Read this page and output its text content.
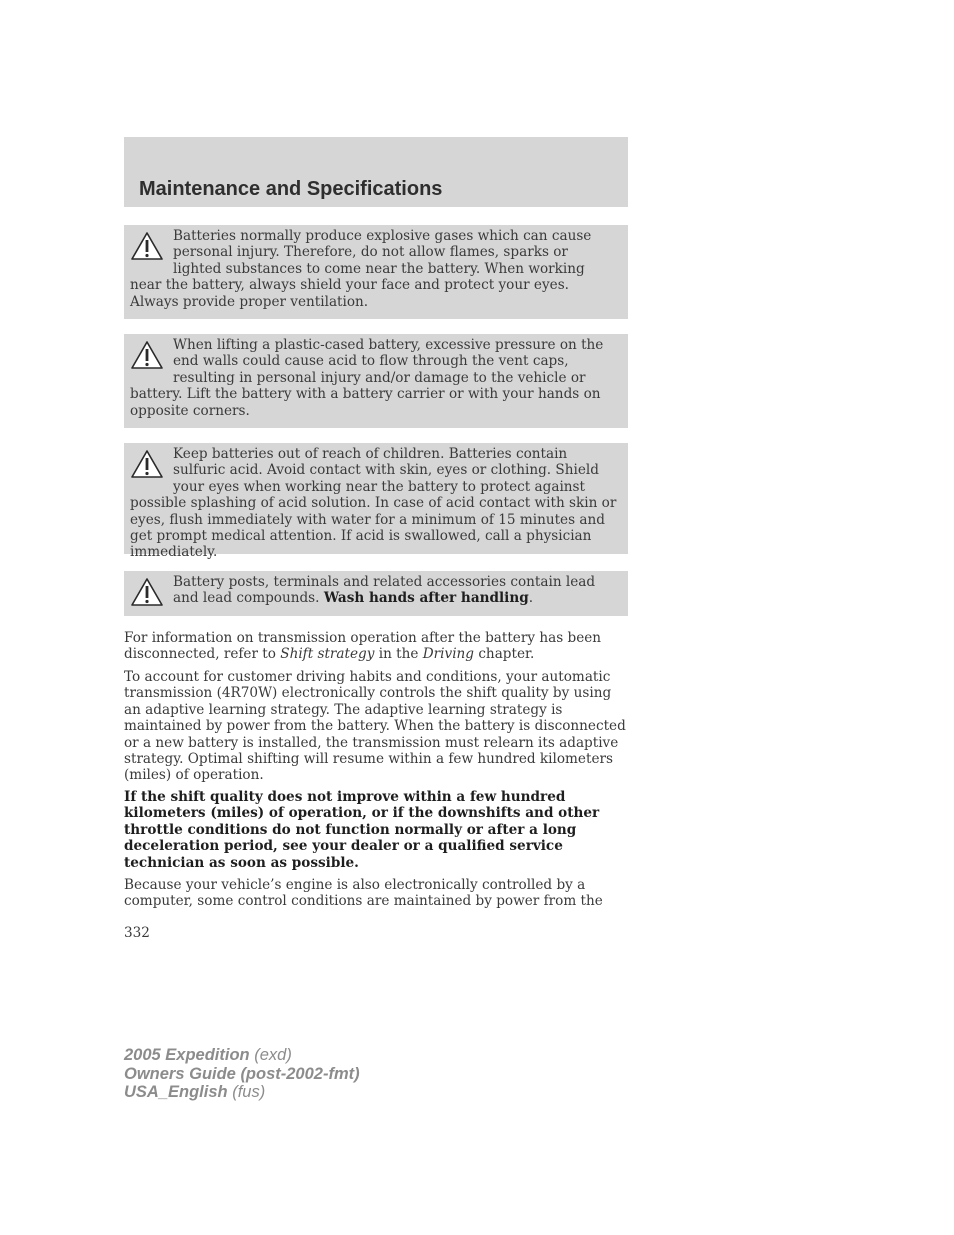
Maintenance and Specifications
Batteries normally produce explosive gases which can cause personal injury. Therefore, do not allow flames, sparks or lighted substances to come near the battery. When working near the battery, always shield your face and protect your eyes. Always provide proper ventilation.
When lifting a plastic-cased battery, excessive pressure on the end walls could cause acid to flow through the vent caps, resulting in personal injury and/or damage to the vehicle or battery. Lift the battery with a battery carrier or with your hands on opposite corners.
Keep batteries out of reach of children. Batteries contain sulfuric acid. Avoid contact with skin, eyes or clothing. Shield your eyes when working near the battery to protect against possible splashing of acid solution. In case of acid contact with skin or eyes, flush immediately with water for a minimum of 15 minutes and get prompt medical attention. If acid is swallowed, call a physician immediately.
Battery posts, terminals and related accessories contain lead and lead compounds. Wash hands after handling.

For information on transmission operation after the battery has been disconnected, refer to Shift strategy in the Driving chapter.

To account for customer driving habits and conditions, your automatic transmission (4R70W) electronically controls the shift quality by using an adaptive learning strategy. The adaptive learning strategy is maintained by power from the battery. When the battery is disconnected or a new battery is installed, the transmission must relearn its adaptive strategy. Optimal shifting will resume within a few hundred kilometers (miles) of operation.

If the shift quality does not improve within a few hundred kilometers (miles) of operation, or if the downshifts and other throttle conditions do not function normally or after a long deceleration period, see your dealer or a qualified service technician as soon as possible.

Because your vehicle’s engine is also electronically controlled by a computer, some control conditions are maintained by power from the

332
2005 Expedition (exd)
Owners Guide (post-2002-fmt)
USA_English (fus)
